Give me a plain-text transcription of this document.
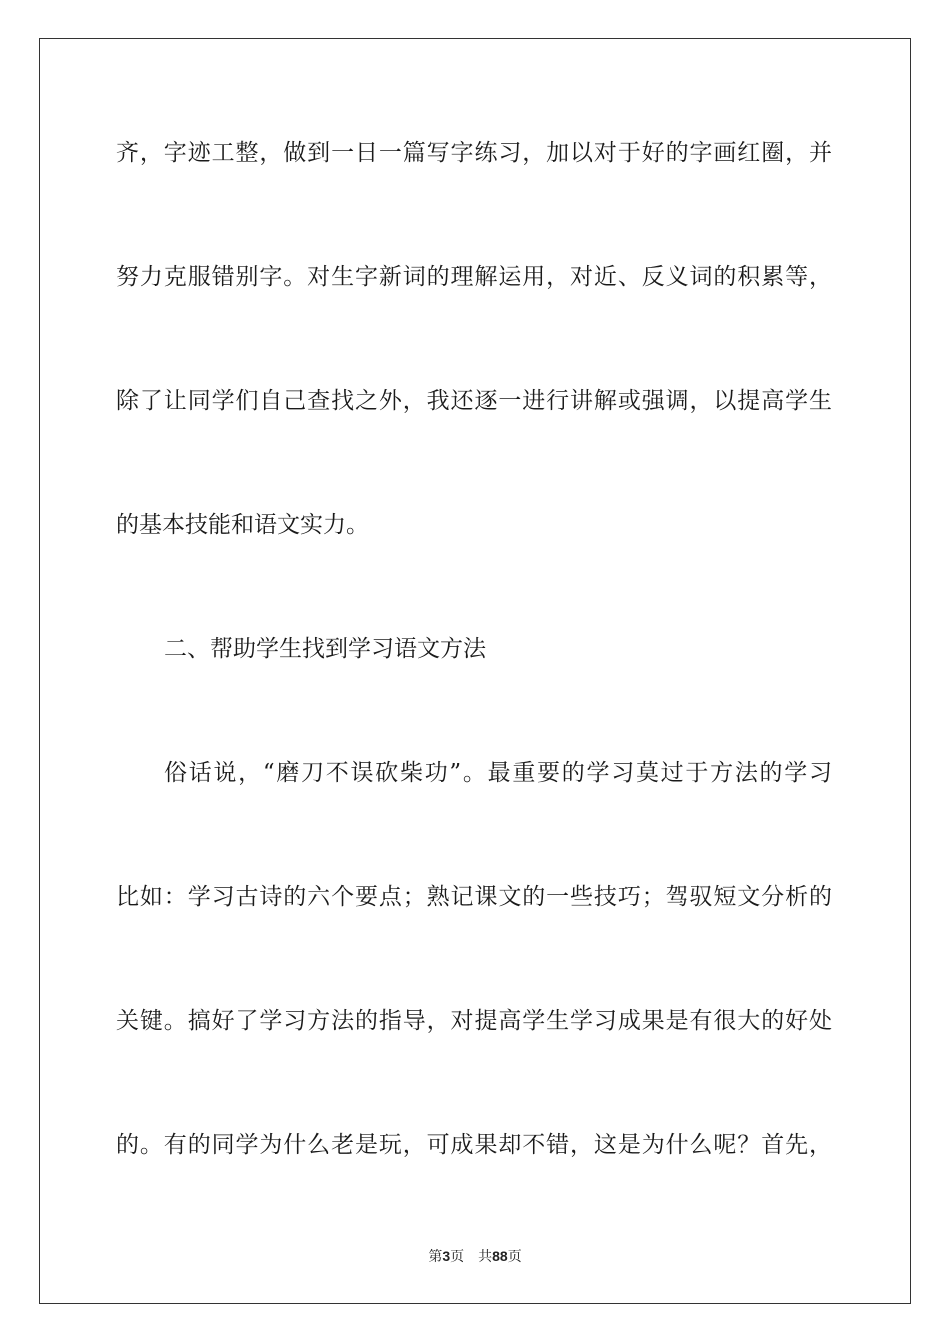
齐，字迹工整，做到一日一篇写字练习，加以对于好的字画红圈，并
努力克服错别字。对生字新词的理解运用，对近、反义词的积累等，
除了让同学们自己查找之外，我还逐一进行讲解或强调，以提高学生
的基本技能和语文实力。
二、帮助学生找到学习语文方法
俗话说，“磨刀不误砍柴功”。最重要的学习莫过于方法的学习
比如：学习古诗的六个要点；熟记课文的一些技巧；驾驭短文分析的
关键。搞好了学习方法的指导，对提高学生学习成果是有很大的好处
的。有的同学为什么老是玩，可成果却不错，这是为什么呢？首先，
第3页 共88页
